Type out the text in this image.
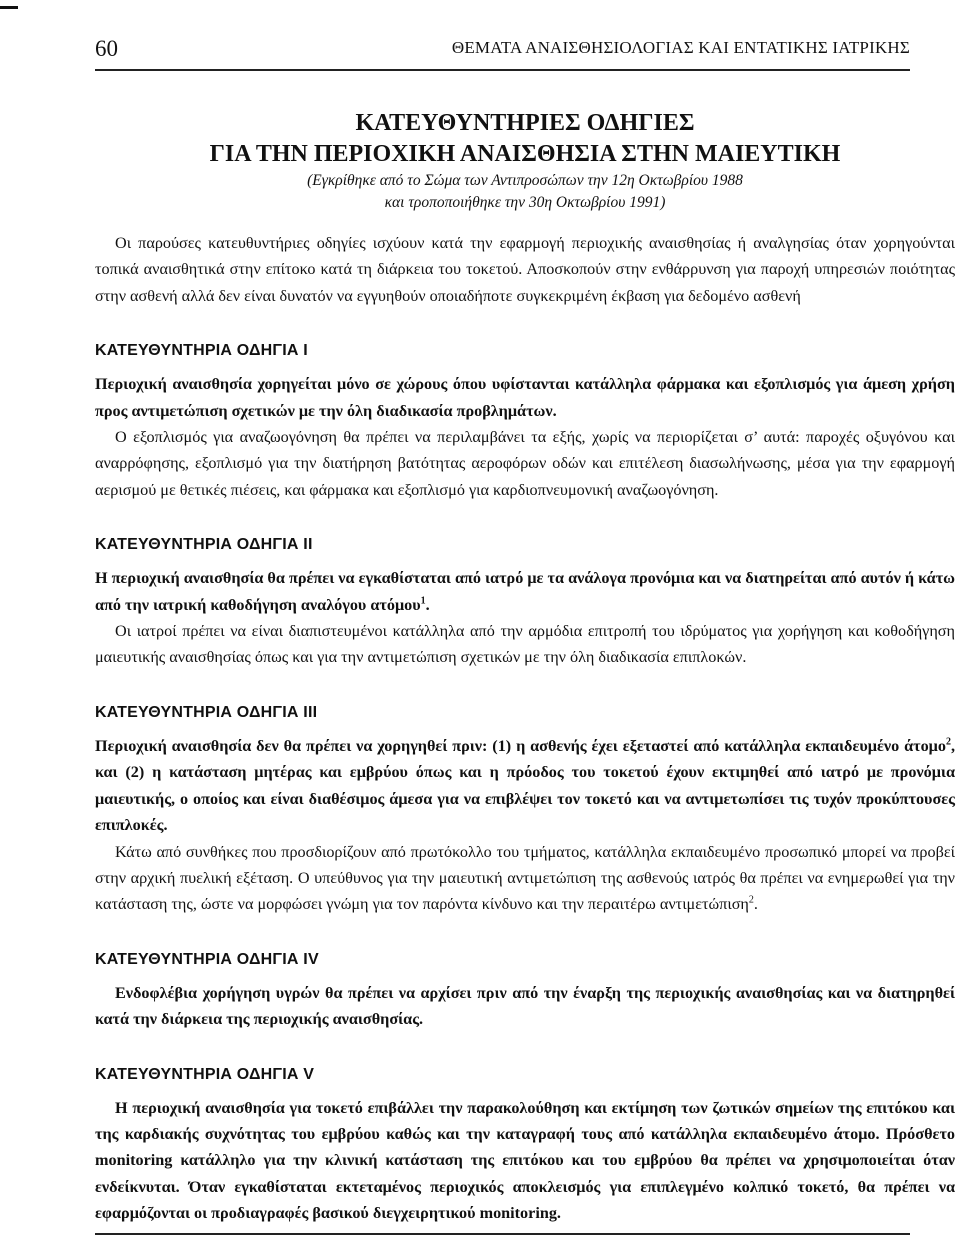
60	ΘΕΜΑΤΑ ΑΝΑΙΣΘΗΣΙΟΛΟΓΙΑΣ ΚΑΙ ΕΝΤΑΤΙΚΗΣ ΙΑΤΡΙΚΗΣ
ΚΑΤΕΥΘΥΝΤΗΡΙΕΣ ΟΔΗΓΙΕΣ
ΓΙΑ ΤΗΝ ΠΕΡΙΟΧΙΚΗ ΑΝΑΙΣΘΗΣΙΑ ΣΤΗΝ ΜΑΙΕΥΤΙΚΗ
(Εγκρίθηκε από το Σώμα των Αντιπροσώπων την 12η Οκτωβρίου 1988
και τροποποιήθηκε την 30η Οκτωβρίου 1991)

Οι παρούσες κατευθυντήριες οδηγίες ισχύουν κατά την εφαρμογή περιοχικής αναισθησίας ή αναλγησίας όταν χορηγούνται τοπικά αναισθητικά στην επίτοκο κατά τη διάρκεια του τοκετού. Αποσκοπούν στην ενθάρρυνση για παροχή υπηρεσιών ποιότητας στην ασθενή αλλά δεν είναι δυνατόν να εγγυηθούν οποιαδήποτε συγκεκριμένη έκβαση για δεδομένο ασθενή

ΚΑΤΕΥΘΥΝΤΗΡΙΑ ΟΔΗΓΙΑ Ι

Περιοχική αναισθησία χορηγείται μόνο σε χώρους όπου υφίστανται κατάλληλα φάρμακα και εξοπλισμός για άμεση χρήση προς αντιμετώπιση σχετικών με την όλη διαδικασία προβλημάτων.

Ο εξοπλισμός για αναζωογόνηση θα πρέπει να περιλαμβάνει τα εξής, χωρίς να περιορίζεται σ’ αυτά: παροχές οξυγόνου και αναρρόφησης, εξοπλισμό για την διατήρηση βατότητας αεροφόρων οδών και επιτέλεση διασωλήνωσης, μέσα για την εφαρμογή αερισμού με θετικές πιέσεις, και φάρμακα και εξοπλισμό για καρδιοπνευμονική αναζωογόνηση.

ΚΑΤΕΥΘΥΝΤΗΡΙΑ ΟΔΗΓΙΑ ΙΙ

Η περιοχική αναισθησία θα πρέπει να εγκαθίσταται από ιατρό με τα ανάλογα προνόμια και να διατηρείται από αυτόν ή κάτω από την ιατρική καθοδήγηση αναλόγου ατόμου$^1$.

Οι ιατροί πρέπει να είναι διαπιστευμένοι κατάλληλα από την αρμόδια επιτροπή του ιδρύματος για χορήγηση και κοθοδήγηση μαιευτικής αναισθησίας όπως και για την αντιμετώπιση σχετικών με την όλη διαδικασία επιπλοκών.

ΚΑΤΕΥΘΥΝΤΗΡΙΑ ΟΔΗΓΙΑ ΙΙΙ

Περιοχική αναισθησία δεν θα πρέπει να χορηγηθεί πριν: (1) η ασθενής έχει εξεταστεί από κατάλληλα εκπαιδευμένο άτομο$^2$, και (2) η κατάσταση μητέρας και εμβρύου όπως και η πρόοδος του τοκετού έχουν εκτιμηθεί από ιατρό με προνόμια μαιευτικής, ο οποίος και είναι διαθέσιμος άμεσα για να επιβλέψει τον τοκετό και να αντιμετωπίσει τις τυχόν προκύπτουσες επιπλοκές.

Κάτω από συνθήκες που προσδιορίζουν από πρωτόκολλο του τμήματος, κατάλληλα εκπαιδευμένο προσωπικό μπορεί να προβεί στην αρχική πυελική εξέταση. Ο υπεύθυνος για την μαιευτική αντιμετώπιση της ασθενούς ιατρός θα πρέπει να ενημερωθεί για την κατάσταση της, ώστε να μορφώσει γνώμη για τον παρόντα κίνδυνο και την περαιτέρω αντιμετώπιση$^2$.

ΚΑΤΕΥΘΥΝΤΗΡΙΑ ΟΔΗΓΙΑ IV

Ενδοφλέβια χορήγηση υγρών θα πρέπει να αρχίσει πριν από την έναρξη της περιοχικής αναισθησίας και να διατηρηθεί κατά την διάρκεια της περιοχικής αναισθησίας.

ΚΑΤΕΥΘΥΝΤΗΡΙΑ ΟΔΗΓΙΑ V

Η περιοχική αναισθησία για τοκετό επιβάλλει την παρακολούθηση και εκτίμηση των ζωτικών σημείων της επιτόκου και της καρδιακής συχνότητας του εμβρύου καθώς και την καταγραφή τους από κατάλληλα εκπαιδευμένο άτομο. Πρόσθετο monitoring κατάλληλο για την κλινική κατάσταση της επιτόκου και του εμβρύου θα πρέπει να χρησιμοποιείται όταν ενδείκνυται. Όταν εγκαθίσταται εκτεταμένος περιοχικός αποκλεισμός για επιπλεγμένο κολπικό τοκετό, θα πρέπει να εφαρμόζονται οι προδιαγραφές βασικού διεγχειρητικού monitoring.
